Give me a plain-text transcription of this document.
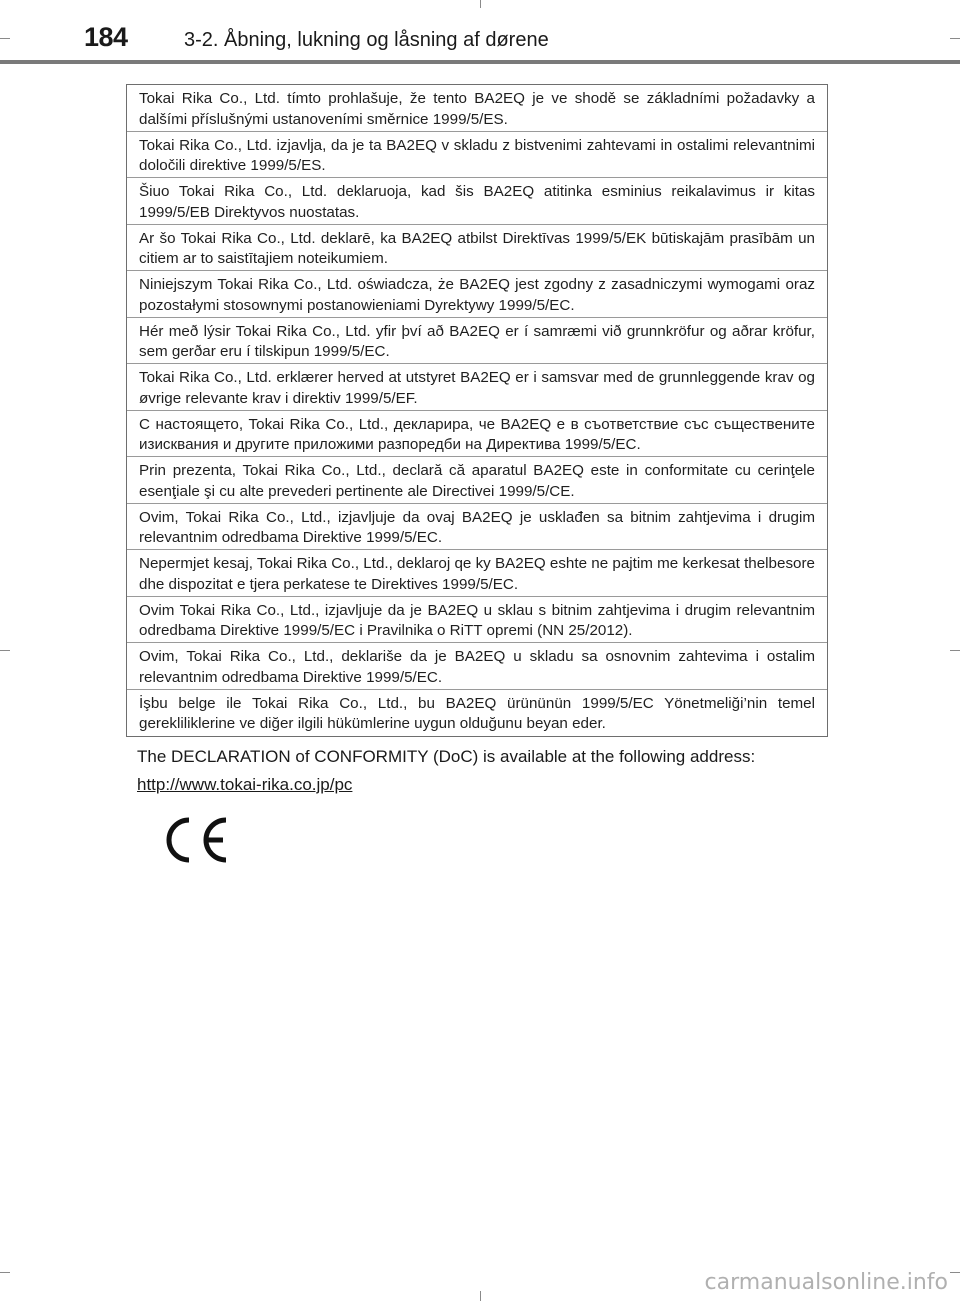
184	3-2. Åbning, lukning og låsning af dørene
Tokai Rika Co., Ltd. tímto prohlašuje, že tento BA2EQ je ve shodě se základními požadavky a dalšími příslušnými ustanoveními směrnice 1999/5/ES.
Tokai Rika Co., Ltd. izjavlja, da je ta BA2EQ v skladu z bistvenimi zahtevami in ostalimi relevantnimi določili direktive 1999/5/ES.
Šiuo Tokai Rika Co., Ltd. deklaruoja, kad šis BA2EQ atitinka esminius reikalavimus ir kitas 1999/5/EB Direktyvos nuostatas.
Ar šo Tokai Rika Co., Ltd. deklarē, ka BA2EQ atbilst Direktīvas 1999/5/EK būtiskajām prasībām un citiem ar to saistītajiem noteikumiem.
Niniejszym Tokai Rika Co., Ltd. oświadcza, że BA2EQ jest zgodny z zasadniczymi wymogami oraz pozostałymi stosownymi postanowieniami Dyrektywy 1999/5/EC.
Hér með lýsir Tokai Rika Co., Ltd. yfir því að BA2EQ er í samræmi við grunnkröfur og aðrar kröfur, sem gerðar eru í tilskipun 1999/5/EC.
Tokai Rika Co., Ltd. erklærer herved at utstyret BA2EQ er i samsvar med de grunnleggende krav og øvrige relevante krav i direktiv 1999/5/EF.
С настоящето, Tokai Rika Co., Ltd., декларира, че BA2EQ е в съответствие със съществените изисквания и другите приложими разпоредби на Директива 1999/5/EC.
Prin prezenta, Tokai Rika Co., Ltd., declară că aparatul BA2EQ este in conformitate cu cerinţele esenţiale şi cu alte prevederi pertinente ale Directivei 1999/5/CE.
Ovim, Tokai Rika Co., Ltd., izjavljuje da ovaj BA2EQ je usklađen sa bitnim zahtjevima i drugim relevantnim odredbama Direktive 1999/5/EC.
Nepermjet kesaj, Tokai Rika Co., Ltd., deklaroj qe ky BA2EQ eshte ne pajtim me kerkesat thelbesore dhe dispozitat e tjera perkatese te Direktives 1999/5/EC.
Ovim Tokai Rika Co., Ltd., izjavljuje da je BA2EQ u sklau s bitnim zahtjevima i drugim relevantnim odredbama Direktive 1999/5/EC i Pravilnika o RiTT opremi (NN 25/2012).
Ovim, Tokai Rika Co., Ltd., deklariše da je BA2EQ u skladu sa osnovnim zahtevima i ostalim relevantnim odredbama Direktive 1999/5/EC.
İşbu belge ile Tokai Rika Co., Ltd., bu BA2EQ ürününün 1999/5/EC Yönetmeliği’nin temel gerekliliklerine ve diğer ilgili hükümlerine uygun olduğunu beyan eder.
The DECLARATION of CONFORMITY (DoC) is available at the following address:
http://www.tokai-rika.co.jp/pc
carmanualsonline.info
